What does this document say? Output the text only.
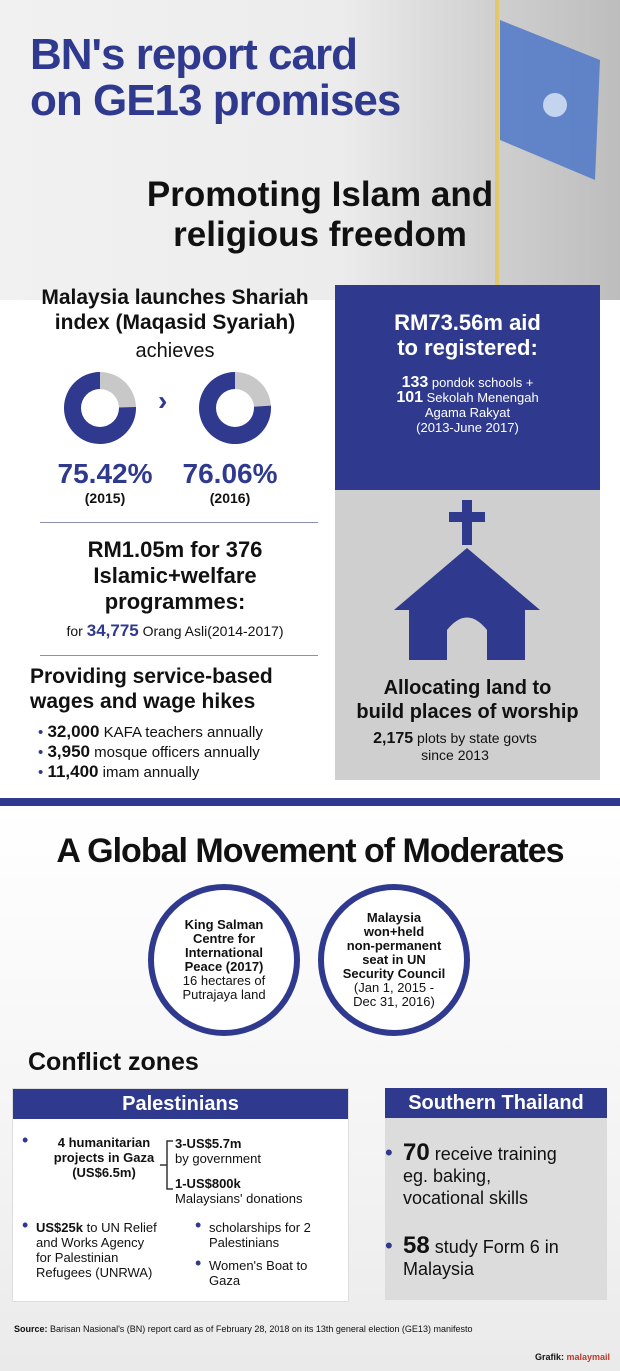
BN's report card
on GE13 promises
Promoting Islam and
religious freedom
Malaysia launches Shariah
index (Maqasid Syariah)
achieves
›
75.42%
(2015)
76.06%
(2016)
RM1.05m for 376
Islamic+welfare
programmes:
for 34,775 Orang Asli(2014-2017)
Providing service-based
wages and wage hikes
• 32,000 KAFA teachers annually
• 3,950 mosque officers annually
• 11,400 imam annually
RM73.56m aid
to registered:
133 pondok schools +
101 Sekolah Menengah
Agama Rakyat
(2013-June 2017)
Allocating land to
build places of worship
2,175 plots by state govts
since 2013
A Global Movement of Moderates
King Salman
Centre for
International
Peace (2017)
16 hectares of
Putrajaya land
Malaysia
won+held
non-permanent
seat in UN
Security Council
(Jan 1, 2015 -
Dec 31, 2016)
Conflict zones
Palestinians
•	4 humanitarian
projects in Gaza
(US$6.5m)
3-US$5.7m
by government
1-US$800k
Malaysians' donations
• US$25k to UN Relief
and Works Agency
for Palestinian
Refugees (UNRWA)
• scholarships for 2
Palestinians
• Women's Boat to
Gaza
Southern Thailand
• 70 receive training
eg. baking,
vocational skills
• 58 study Form 6 in
Malaysia
Source: Barisan Nasional's (BN) report card as of February 28, 2018 on its 13th general election (GE13) manifesto
Grafik: malaymail
